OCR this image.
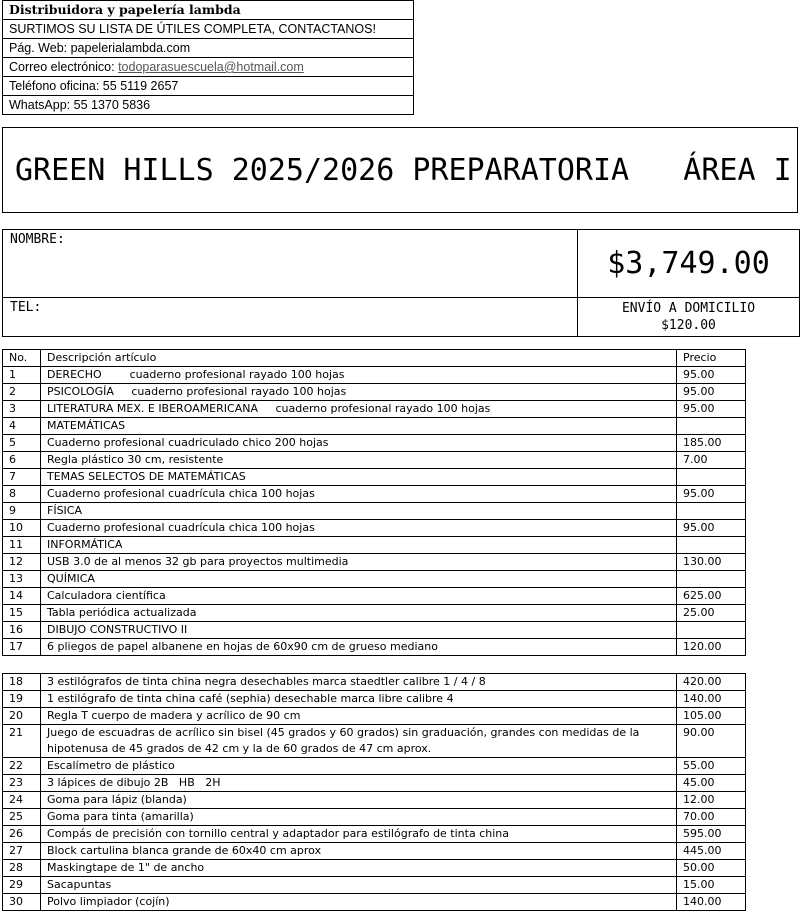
Distribuidora y papelería lambda
SURTIMOS SU LISTA DE ÚTILES COMPLETA, CONTACTANOS!
Pág. Web: papelerialambda.com
Correo electrónico: todoparasuescuela@hotmail.com
Teléfono oficina: 55 5119 2657
WhatsApp: 55 1370 5836
GREEN HILLS 2025/2026 PREPARATORIA   ÁREA I
NOMBRE:	$3,749.00
TEL:	ENVÍO A DOMICILIO
$120.00
No.	Descripción artículo	Precio
1	DERECHO        cuaderno profesional rayado 100 hojas	95.00
2	PSICOLOGÍA     cuaderno profesional rayado 100 hojas	95.00
3	LITERATURA MEX. E IBEROAMERICANA     cuaderno profesional rayado 100 hojas	95.00
4	MATEMÁTICAS	
5	Cuaderno profesional cuadriculado chico 200 hojas	185.00
6	Regla plástico 30 cm, resistente	7.00
7	TEMAS SELECTOS DE MATEMÁTICAS	
8	Cuaderno profesional cuadrícula chica 100 hojas	95.00
9	FÍSICA	
10	Cuaderno profesional cuadrícula chica 100 hojas	95.00
11	INFORMÁTICA	
12	USB 3.0 de al menos 32 gb para proyectos multimedia	130.00
13	QUÍMICA	
14	Calculadora científica	625.00
15	Tabla periódica actualizada	25.00
16	DIBUJO CONSTRUCTIVO II	
17	6 pliegos de papel albanene en hojas de 60x90 cm de grueso mediano	120.00
18	3 estilógrafos de tinta china negra desechables marca staedtler calibre 1 / 4 / 8	420.00
19	1 estilógrafo de tinta china café (sephia) desechable marca libre calibre 4	140.00
20	Regla T cuerpo de madera y acrílico de 90 cm	105.00
21	Juego de escuadras de acrílico sin bisel (45 grados y 60 grados) sin graduación, grandes con medidas de la hipotenusa de 45 grados de 42 cm y la de 60 grados de 47 cm aprox.	90.00
22	Escalímetro de plástico	55.00
23	3 lápices de dibujo 2B   HB   2H	45.00
24	Goma para lápiz (blanda)	12.00
25	Goma para tinta (amarilla)	70.00
26	Compás de precisión con tornillo central y adaptador para estilógrafo de tinta china	595.00
27	Block cartulina blanca grande de 60x40 cm aprox	445.00
28	Maskingtape de 1" de ancho	50.00
29	Sacapuntas	15.00
30	Polvo limpiador (cojín)	140.00
